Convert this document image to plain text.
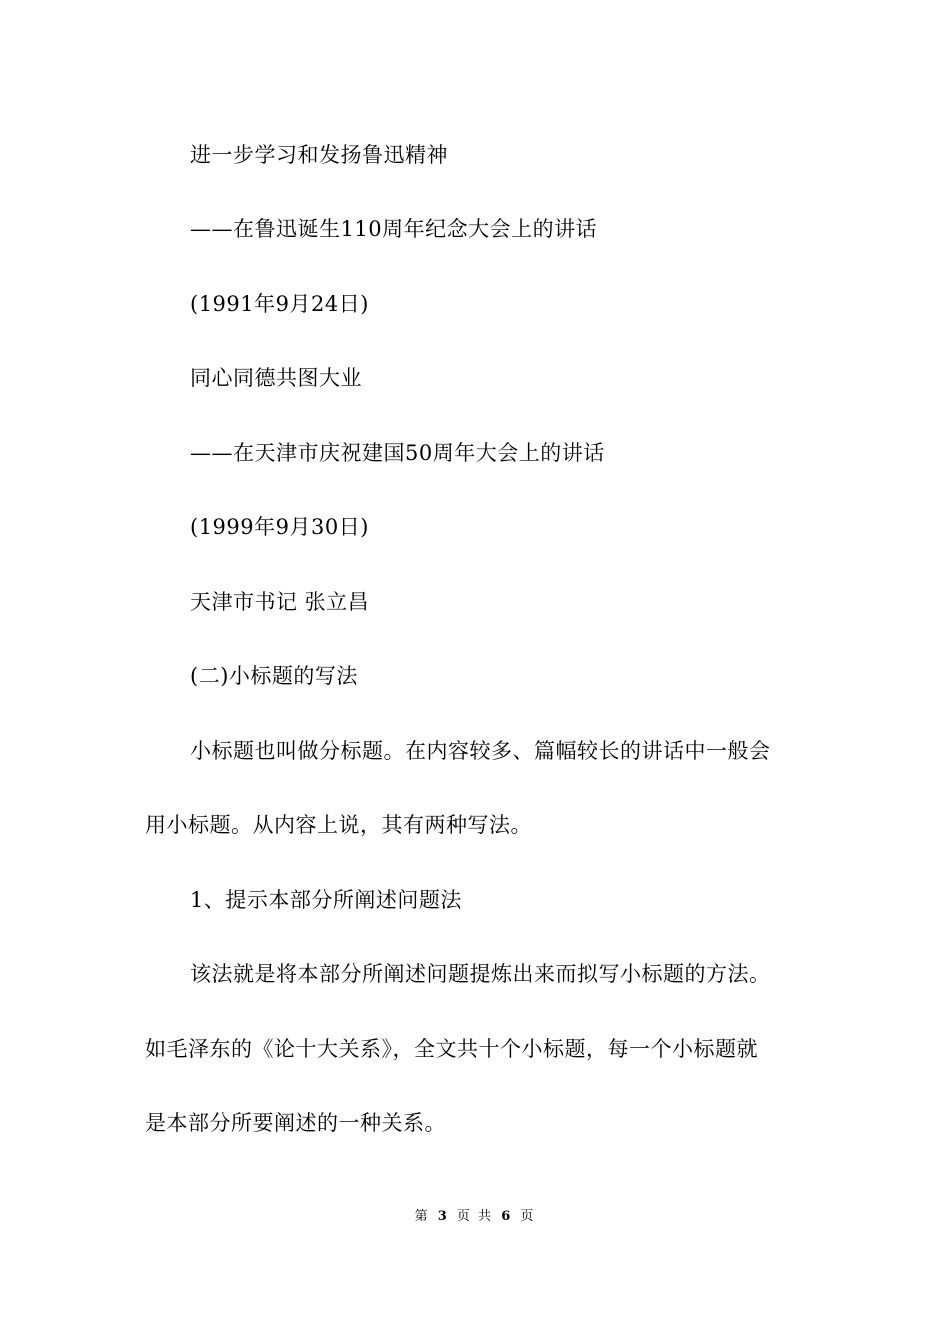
进一步学习和发扬鲁迅精神
——在鲁迅诞生110周年纪念大会上的讲话
(1991年9月24日)
同心同德共图大业
——在天津市庆祝建国50周年大会上的讲话
(1999年9月30日)
天津市书记 张立昌
(二)小标题的写法
小标题也叫做分标题。在内容较多、篇幅较长的讲话中一般会
用小标题。从内容上说，其有两种写法。
1、提示本部分所阐述问题法
该法就是将本部分所阐述问题提炼出来而拟写小标题的方法。
如毛泽东的《论十大关系》，全文共十个小标题，每一个小标题就
是本部分所要阐述的一种关系。
第 3 页 共 6 页
